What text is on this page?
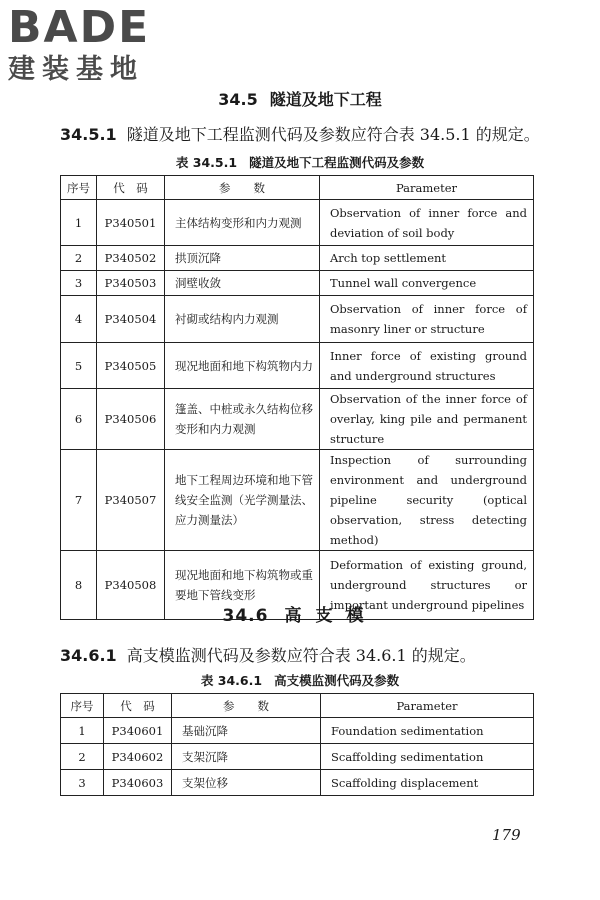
BADE
建装基地
34.5 隧道及地下工程
34.5.1 隧道及地下工程监测代码及参数应符合表 34.5.1 的规定。
表 34.5.1 隧道及地下工程监测代码及参数
序号	代　码	参　　数	Parameter
1	P340501	主体结构变形和内力观测	Observation of inner force and deviation of soil body
2	P340502	拱顶沉降	Arch top settlement
3	P340503	洞壁收敛	Tunnel wall convergence
4	P340504	衬砌或结构内力观测	Observation of inner force of masonry liner or structure
5	P340505	现况地面和地下构筑物内力	Inner force of existing ground and underground structures
6	P340506	篷盖、中桩或永久结构位移变形和内力观测	Observation of the inner force of overlay, king pile and permanent structure
7	P340507	地下工程周边环境和地下管线安全监测（光学测量法、应力测量法）	Inspection of surrounding environment and underground pipeline security (optical observation, stress detecting method)
8	P340508	现况地面和地下构筑物或重要地下管线变形	Deformation of existing ground, underground structures or important underground pipelines
34.6 高支模
34.6.1 高支模监测代码及参数应符合表 34.6.1 的规定。
表 34.6.1 高支模监测代码及参数
序号	代　码	参　　数	Parameter
1	P340601	基础沉降	Foundation sedimentation
2	P340602	支架沉降	Scaffolding sedimentation
3	P340603	支架位移	Scaffolding displacement
179
